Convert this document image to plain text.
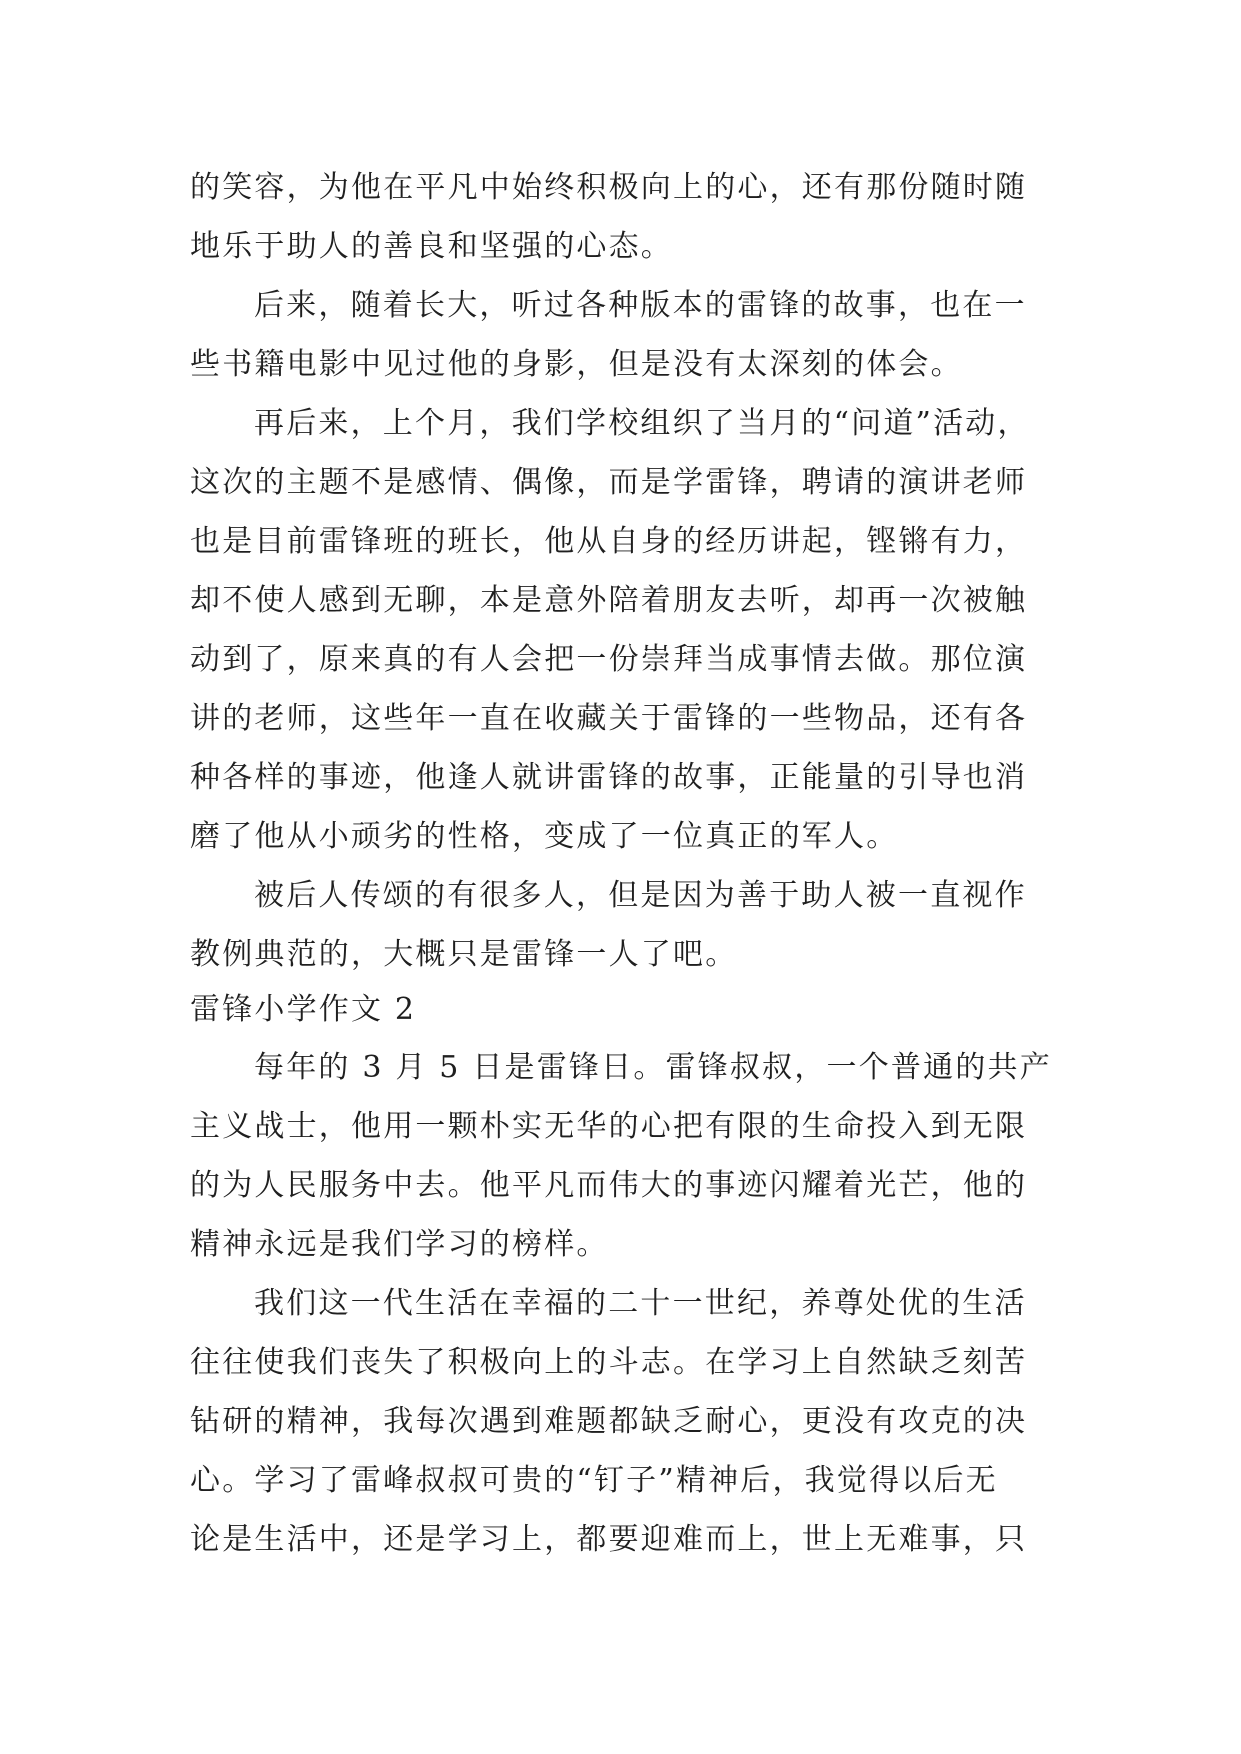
的笑容，为他在平凡中始终积极向上的心，还有那份随时随
地乐于助人的善良和坚强的心态。
后来，随着长大，听过各种版本的雷锋的故事，也在一
些书籍电影中见过他的身影，但是没有太深刻的体会。
再后来，上个月，我们学校组织了当月的“问道”活动，
这次的主题不是感情、偶像，而是学雷锋，聘请的演讲老师
也是目前雷锋班的班长，他从自身的经历讲起，铿锵有力，
却不使人感到无聊，本是意外陪着朋友去听，却再一次被触
动到了，原来真的有人会把一份崇拜当成事情去做。那位演
讲的老师，这些年一直在收藏关于雷锋的一些物品，还有各
种各样的事迹，他逢人就讲雷锋的故事，正能量的引导也消
磨了他从小顽劣的性格，变成了一位真正的军人。
被后人传颂的有很多人，但是因为善于助人被一直视作
教例典范的，大概只是雷锋一人了吧。
雷锋小学作文 2
每年的 3 月 5 日是雷锋日。雷锋叔叔，一个普通的共产
主义战士，他用一颗朴实无华的心把有限的生命投入到无限
的为人民服务中去。他平凡而伟大的事迹闪耀着光芒，他的
精神永远是我们学习的榜样。
我们这一代生活在幸福的二十一世纪，养尊处优的生活
往往使我们丧失了积极向上的斗志。在学习上自然缺乏刻苦
钻研的精神，我每次遇到难题都缺乏耐心，更没有攻克的决
心。学习了雷峰叔叔可贵的“钉子”精神后，我觉得以后无
论是生活中，还是学习上，都要迎难而上，世上无难事，只
